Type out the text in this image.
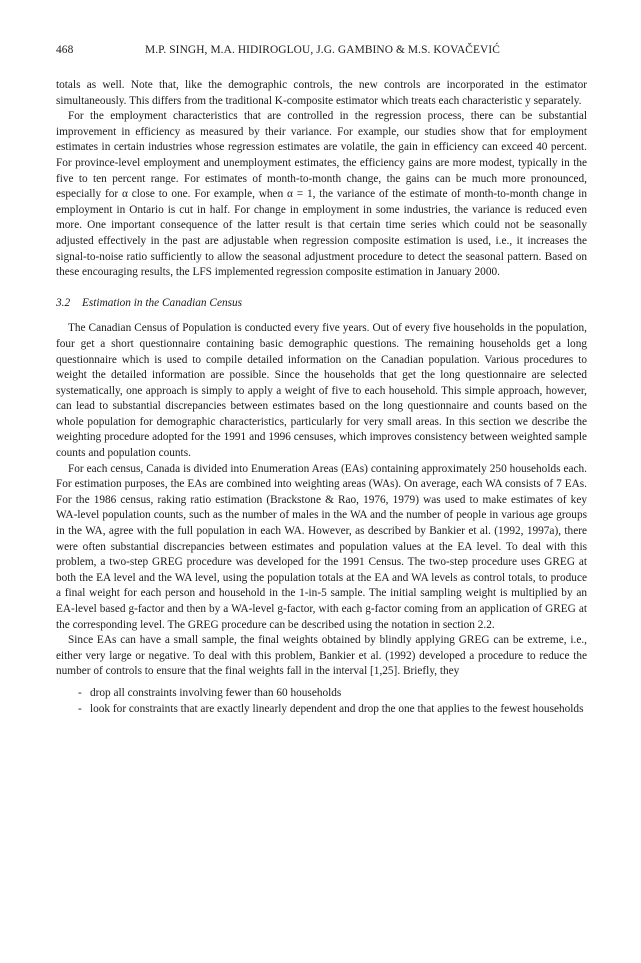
468	M.P. SINGH, M.A. HIDIROGLOU, J.G. GAMBINO & M.S. KOVAČEVIĆ

totals as well. Note that, like the demographic controls, the new controls are incorporated in the estimator simultaneously. This differs from the traditional K-composite estimator which treats each characteristic y separately.

For the employment characteristics that are controlled in the regression process, there can be substantial improvement in efficiency as measured by their variance. For example, our studies show that for employment estimates in certain industries whose regression estimates are volatile, the gain in efficiency can exceed 40 percent. For province-level employment and unemployment estimates, the efficiency gains are more modest, typically in the five to ten percent range. For estimates of month-to-month change, the gains can be much more pronounced, especially for α close to one. For example, when α = 1, the variance of the estimate of month-to-month change in employment in Ontario is cut in half. For change in employment in some industries, the variance is reduced even more. One important consequence of the latter result is that certain time series which could not be seasonally adjusted effectively in the past are adjustable when regression composite estimation is used, i.e., it increases the signal-to-noise ratio sufficiently to allow the seasonal adjustment procedure to detect the seasonal pattern. Based on these encouraging results, the LFS implemented regression composite estimation in January 2000.

3.2 Estimation in the Canadian Census

The Canadian Census of Population is conducted every five years. Out of every five households in the population, four get a short questionnaire containing basic demographic questions. The remaining households get a long questionnaire which is used to compile detailed information on the Canadian population. Various procedures to weight the detailed information are possible. Since the households that get the long questionnaire are selected systematically, one approach is simply to apply a weight of five to each household. This simple approach, however, can lead to substantial discrepancies between estimates based on the long questionnaire and counts based on the whole population for demographic characteristics, particularly for very small areas. In this section we describe the weighting procedure adopted for the 1991 and 1996 censuses, which improves consistency between weighted sample counts and population counts.

For each census, Canada is divided into Enumeration Areas (EAs) containing approximately 250 households each. For estimation purposes, the EAs are combined into weighting areas (WAs). On average, each WA consists of 7 EAs. For the 1986 census, raking ratio estimation (Brackstone & Rao, 1976, 1979) was used to make estimates of key WA-level population counts, such as the number of males in the WA and the number of people in various age groups in the WA, agree with the full population in each WA. However, as described by Bankier et al. (1992, 1997a), there were often substantial discrepancies between estimates and population values at the EA level. To deal with this problem, a two-step GREG procedure was developed for the 1991 Census. The two-step procedure uses GREG at both the EA level and the WA level, using the population totals at the EA and WA levels as control totals, to produce a final weight for each person and household in the 1-in-5 sample. The initial sampling weight is multiplied by an EA-level based g-factor and then by a WA-level g-factor, with each g-factor coming from an application of GREG at the corresponding level. The GREG procedure can be described using the notation in section 2.2.

Since EAs can have a small sample, the final weights obtained by blindly applying GREG can be extreme, i.e., either very large or negative. To deal with this problem, Bankier et al. (1992) developed a procedure to reduce the number of controls to ensure that the final weights fall in the interval [1,25]. Briefly, they

- drop all constraints involving fewer than 60 households
- look for constraints that are exactly linearly dependent and drop the one that applies to the fewest households
